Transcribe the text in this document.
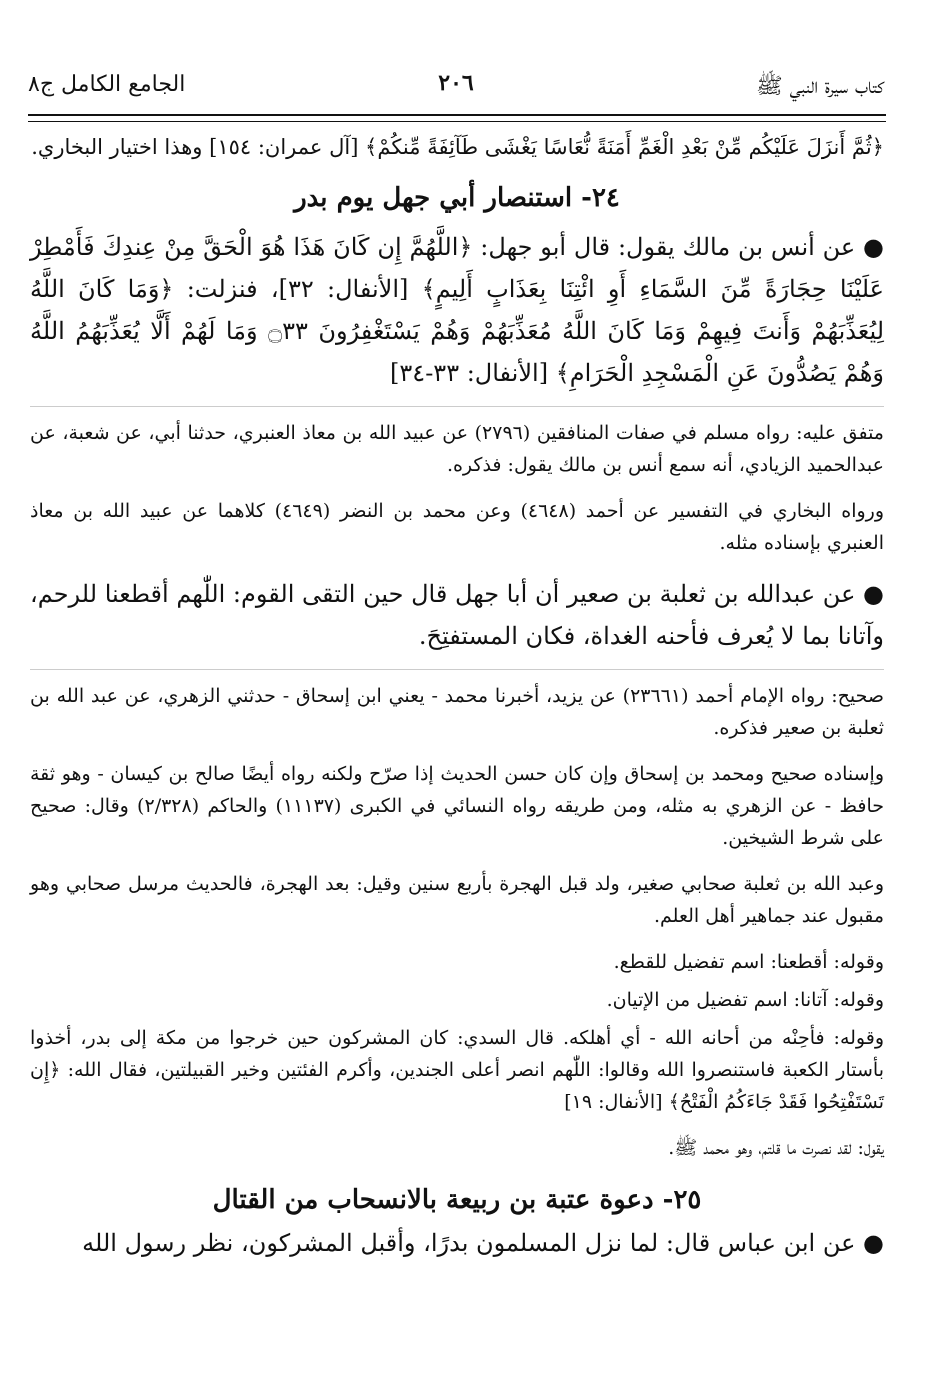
كتاب سيرة النبي ﷺ
٢٠٦
الجامع الكامل ج٨

﴿ثُمَّ أَنزَلَ عَلَيْكُم مِّنْ بَعْدِ الْغَمِّ أَمَنَةً نُّعَاسًا يَغْشَى طَآئِفَةً مِّنكُمْ﴾ [آل عمران: ١٥٤] وهذا اختيار البخاري.

٢٤- استنصار أبي جهل يوم بدر

● عن أنس بن مالك يقول: قال أبو جهل: ﴿اللَّهُمَّ إِن كَانَ هَذَا هُوَ الْحَقَّ مِنْ عِندِكَ فَأَمْطِرْ عَلَيْنَا حِجَارَةً مِّنَ السَّمَاءِ أَوِ ائْتِنَا بِعَذَابٍ أَلِيمٍ﴾ [الأنفال: ٣٢]، فنزلت: ﴿وَمَا كَانَ اللَّهُ لِيُعَذِّبَهُمْ وَأَنتَ فِيهِمْ وَمَا كَانَ اللَّهُ مُعَذِّبَهُمْ وَهُمْ يَسْتَغْفِرُونَ ۝٣٣ وَمَا لَهُمْ أَلَّا يُعَذِّبَهُمُ اللَّهُ وَهُمْ يَصُدُّونَ عَنِ الْمَسْجِدِ الْحَرَامِ﴾ [الأنفال: ٣٣-٣٤]

متفق عليه: رواه مسلم في صفات المنافقين (٢٧٩٦) عن عبيد الله بن معاذ العنبري، حدثنا أبي، عن شعبة، عن عبدالحميد الزيادي، أنه سمع أنس بن مالك يقول: فذكره.

ورواه البخاري في التفسير عن أحمد (٤٦٤٨) وعن محمد بن النضر (٤٦٤٩) كلاهما عن عبيد الله بن معاذ العنبري بإسناده مثله.

● عن عبدالله بن ثعلبة بن صعير أن أبا جهل قال حين التقى القوم: اللّٰهم أقطعنا للرحم، وآتانا بما لا يُعرف فأحنه الغداة، فكان المستفتِحَ.

صحيح: رواه الإمام أحمد (٢٣٦٦١) عن يزيد، أخبرنا محمد - يعني ابن إسحاق - حدثني الزهري، عن عبد الله بن ثعلبة بن صعير فذكره.

وإسناده صحيح ومحمد بن إسحاق وإن كان حسن الحديث إذا صرّح ولكنه رواه أيضًا صالح بن كيسان - وهو ثقة حافظ - عن الزهري به مثله، ومن طريقه رواه النسائي في الكبرى (١١١٣٧) والحاكم (٢/٣٢٨) وقال: صحيح على شرط الشيخين.

وعبد الله بن ثعلبة صحابي صغير، ولد قبل الهجرة بأربع سنين وقيل: بعد الهجرة، فالحديث مرسل صحابي وهو مقبول عند جماهير أهل العلم.

وقوله: أقطعنا: اسم تفضيل للقطع.

وقوله: آتانا: اسم تفضيل من الإتيان.

وقوله: فأحِنْه من أحانه الله - أي أهلكه. قال السدي: كان المشركون حين خرجوا من مكة إلى بدر، أخذوا بأستار الكعبة فاستنصروا الله وقالوا: اللّٰهم انصر أعلى الجندين، وأكرم الفئتين وخير القبيلتين، فقال الله: ﴿إِن تَسْتَفْتِحُوا فَقَدْ جَاءَكُمُ الْفَتْحُ﴾ [الأنفال: ١٩]

يقول: لقد نصرت ما قلتم، وهو محمد ﷺ.

٢٥- دعوة عتبة بن ربيعة بالانسحاب من القتال

● عن ابن عباس قال: لما نزل المسلمون بدرًا، وأقبل المشركون، نظر رسول الله
